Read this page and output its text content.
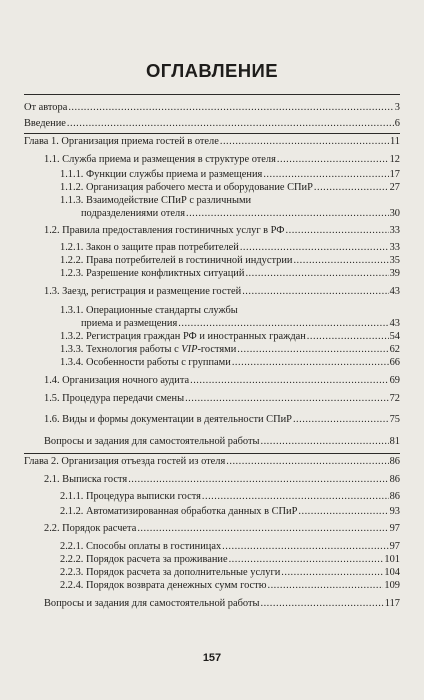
ОГЛАВЛЕНИЕ
От автора .....	3
Введение .....	6
Глава 1. Организация приема гостей в отеле .....	11
1.1. Служба приема и размещения в структуре отеля .....	12
1.1.1. Функции службы приема и размещения .....	17
1.1.2. Организация рабочего места и оборудование СПиР .....	27
1.1.3. Взаимодействие СПиР с различными
подразделениями отеля .....	30
1.2. Правила предоставления гостиничных услуг в РФ .....	33
1.2.1. Закон о защите прав потребителей .....	33
1.2.2. Права потребителей в гостиничной индустрии .....	35
1.2.3. Разрешение конфликтных ситуаций .....	39
1.3. Заезд, регистрация и размещение гостей .....	43
1.3.1. Операционные стандарты службы
приема и размещения .....	43
1.3.2. Регистрация граждан РФ и иностранных граждан .....	54
1.3.3. Технология работы с VIP-гостями .....	62
1.3.4. Особенности работы с группами .....	66
1.4. Организация ночного аудита .....	69
1.5. Процедура передачи смены .....	72
1.6. Виды и формы документации в деятельности СПиР .....	75
Вопросы и задания для самостоятельной работы .....	81
Глава 2. Организация отъезда гостей из отеля .....	86
2.1. Выписка гостя .....	86
2.1.1. Процедура выписки гостя .....	86
2.1.2. Автоматизированная обработка данных в СПиР .....	93
2.2. Порядок расчета .....	97
2.2.1. Способы оплаты в гостиницах .....	97
2.2.2. Порядок расчета за проживание .....	101
2.2.3. Порядок расчета за дополнительные услуги .....	104
2.2.4. Порядок возврата денежных сумм гостю .....	109
Вопросы и задания для самостоятельной работы .....	117
157
